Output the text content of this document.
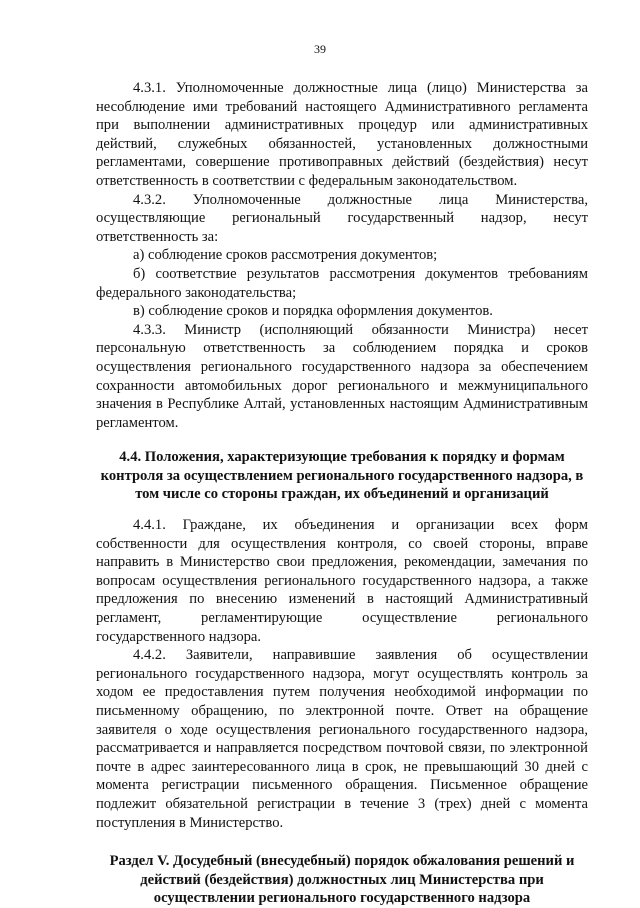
39

4.3.1. Уполномоченные должностные лица (лицо) Министерства за несоблюдение ими требований настоящего Административного регламента при выполнении административных процедур или административных действий, служебных обязанностей, установленных должностными регламентами, совершение противоправных действий (бездействия) несут ответственность в соответствии с федеральным законодательством.

4.3.2. Уполномоченные должностные лица Министерства, осуществляющие региональный государственный надзор, несут ответственность за:

а) соблюдение сроков рассмотрения документов;

б) соответствие результатов рассмотрения документов требованиям федерального законодательства;

в) соблюдение сроков и порядка оформления документов.

4.3.3. Министр (исполняющий обязанности Министра) несет персональную ответственность за соблюдением порядка и сроков осуществления регионального государственного надзора за обеспечением сохранности автомобильных дорог регионального и межмуниципального значения в Республике Алтай, установленных настоящим Административным регламентом.

4.4. Положения, характеризующие требования к порядку и формам контроля за осуществлением регионального государственного надзора, в том числе со стороны граждан, их объединений и организаций

4.4.1. Граждане, их объединения и организации всех форм собственности для осуществления контроля, со своей стороны, вправе направить в Министерство свои предложения, рекомендации, замечания по вопросам осуществления регионального государственного надзора, а также предложения по внесению изменений в настоящий Административный регламент, регламентирующие осуществление регионального государственного надзора.

4.4.2. Заявители, направившие заявления об осуществлении регионального государственного надзора, могут осуществлять контроль за ходом ее предоставления путем получения необходимой информации по письменному обращению, по электронной почте. Ответ на обращение заявителя о ходе осуществления регионального государственного надзора, рассматривается и направляется посредством почтовой связи, по электронной почте в адрес заинтересованного лица в срок, не превышающий 30 дней с момента регистрации письменного обращения. Письменное обращение подлежит обязательной регистрации в течение 3 (трех) дней с момента поступления в Министерство.

Раздел V. Досудебный (внесудебный) порядок обжалования решений и действий (бездействия) должностных лиц Министерства при осуществлении регионального государственного надзора
